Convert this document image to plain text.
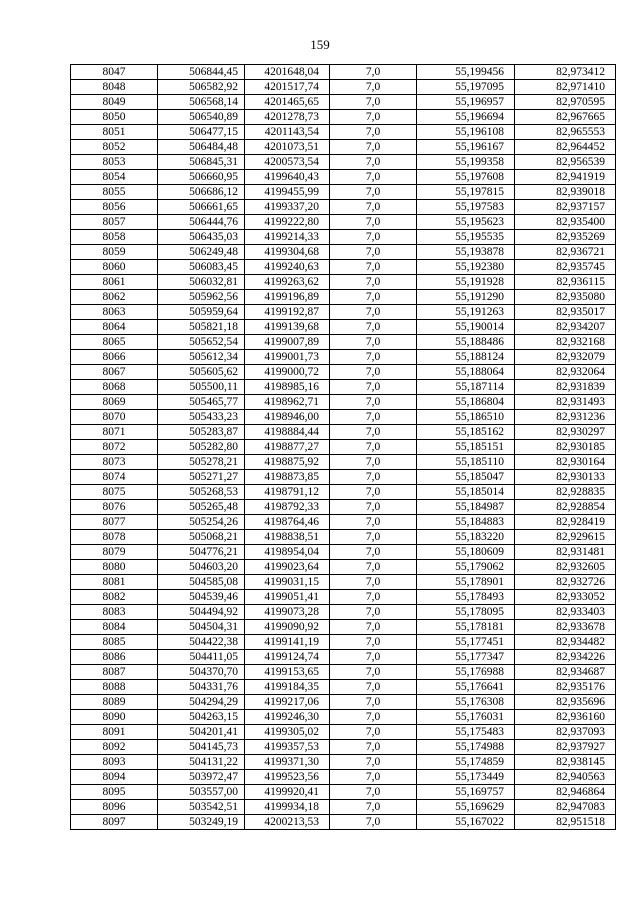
159
8047	506844,45	4201648,04	7,0	55,199456	82,973412
8048	506582,92	4201517,74	7,0	55,197095	82,971410
8049	506568,14	4201465,65	7,0	55,196957	82,970595
8050	506540,89	4201278,73	7,0	55,196694	82,967665
8051	506477,15	4201143,54	7,0	55,196108	82,965553
8052	506484,48	4201073,51	7,0	55,196167	82,964452
8053	506845,31	4200573,54	7,0	55,199358	82,956539
8054	506660,95	4199640,43	7,0	55,197608	82,941919
8055	506686,12	4199455,99	7,0	55,197815	82,939018
8056	506661,65	4199337,20	7,0	55,197583	82,937157
8057	506444,76	4199222,80	7,0	55,195623	82,935400
8058	506435,03	4199214,33	7,0	55,195535	82,935269
8059	506249,48	4199304,68	7,0	55,193878	82,936721
8060	506083,45	4199240,63	7,0	55,192380	82,935745
8061	506032,81	4199263,62	7,0	55,191928	82,936115
8062	505962,56	4199196,89	7,0	55,191290	82,935080
8063	505959,64	4199192,87	7,0	55,191263	82,935017
8064	505821,18	4199139,68	7,0	55,190014	82,934207
8065	505652,54	4199007,89	7,0	55,188486	82,932168
8066	505612,34	4199001,73	7,0	55,188124	82,932079
8067	505605,62	4199000,72	7,0	55,188064	82,932064
8068	505500,11	4198985,16	7,0	55,187114	82,931839
8069	505465,77	4198962,71	7,0	55,186804	82,931493
8070	505433,23	4198946,00	7,0	55,186510	82,931236
8071	505283,87	4198884,44	7,0	55,185162	82,930297
8072	505282,80	4198877,27	7,0	55,185151	82,930185
8073	505278,21	4198875,92	7,0	55,185110	82,930164
8074	505271,27	4198873,85	7,0	55,185047	82,930133
8075	505268,53	4198791,12	7,0	55,185014	82,928835
8076	505265,48	4198792,33	7,0	55,184987	82,928854
8077	505254,26	4198764,46	7,0	55,184883	82,928419
8078	505068,21	4198838,51	7,0	55,183220	82,929615
8079	504776,21	4198954,04	7,0	55,180609	82,931481
8080	504603,20	4199023,64	7,0	55,179062	82,932605
8081	504585,08	4199031,15	7,0	55,178901	82,932726
8082	504539,46	4199051,41	7,0	55,178493	82,933052
8083	504494,92	4199073,28	7,0	55,178095	82,933403
8084	504504,31	4199090,92	7,0	55,178181	82,933678
8085	504422,38	4199141,19	7,0	55,177451	82,934482
8086	504411,05	4199124,74	7,0	55,177347	82,934226
8087	504370,70	4199153,65	7,0	55,176988	82,934687
8088	504331,76	4199184,35	7,0	55,176641	82,935176
8089	504294,29	4199217,06	7,0	55,176308	82,935696
8090	504263,15	4199246,30	7,0	55,176031	82,936160
8091	504201,41	4199305,02	7,0	55,175483	82,937093
8092	504145,73	4199357,53	7,0	55,174988	82,937927
8093	504131,22	4199371,30	7,0	55,174859	82,938145
8094	503972,47	4199523,56	7,0	55,173449	82,940563
8095	503557,00	4199920,41	7,0	55,169757	82,946864
8096	503542,51	4199934,18	7,0	55,169629	82,947083
8097	503249,19	4200213,53	7,0	55,167022	82,951518
